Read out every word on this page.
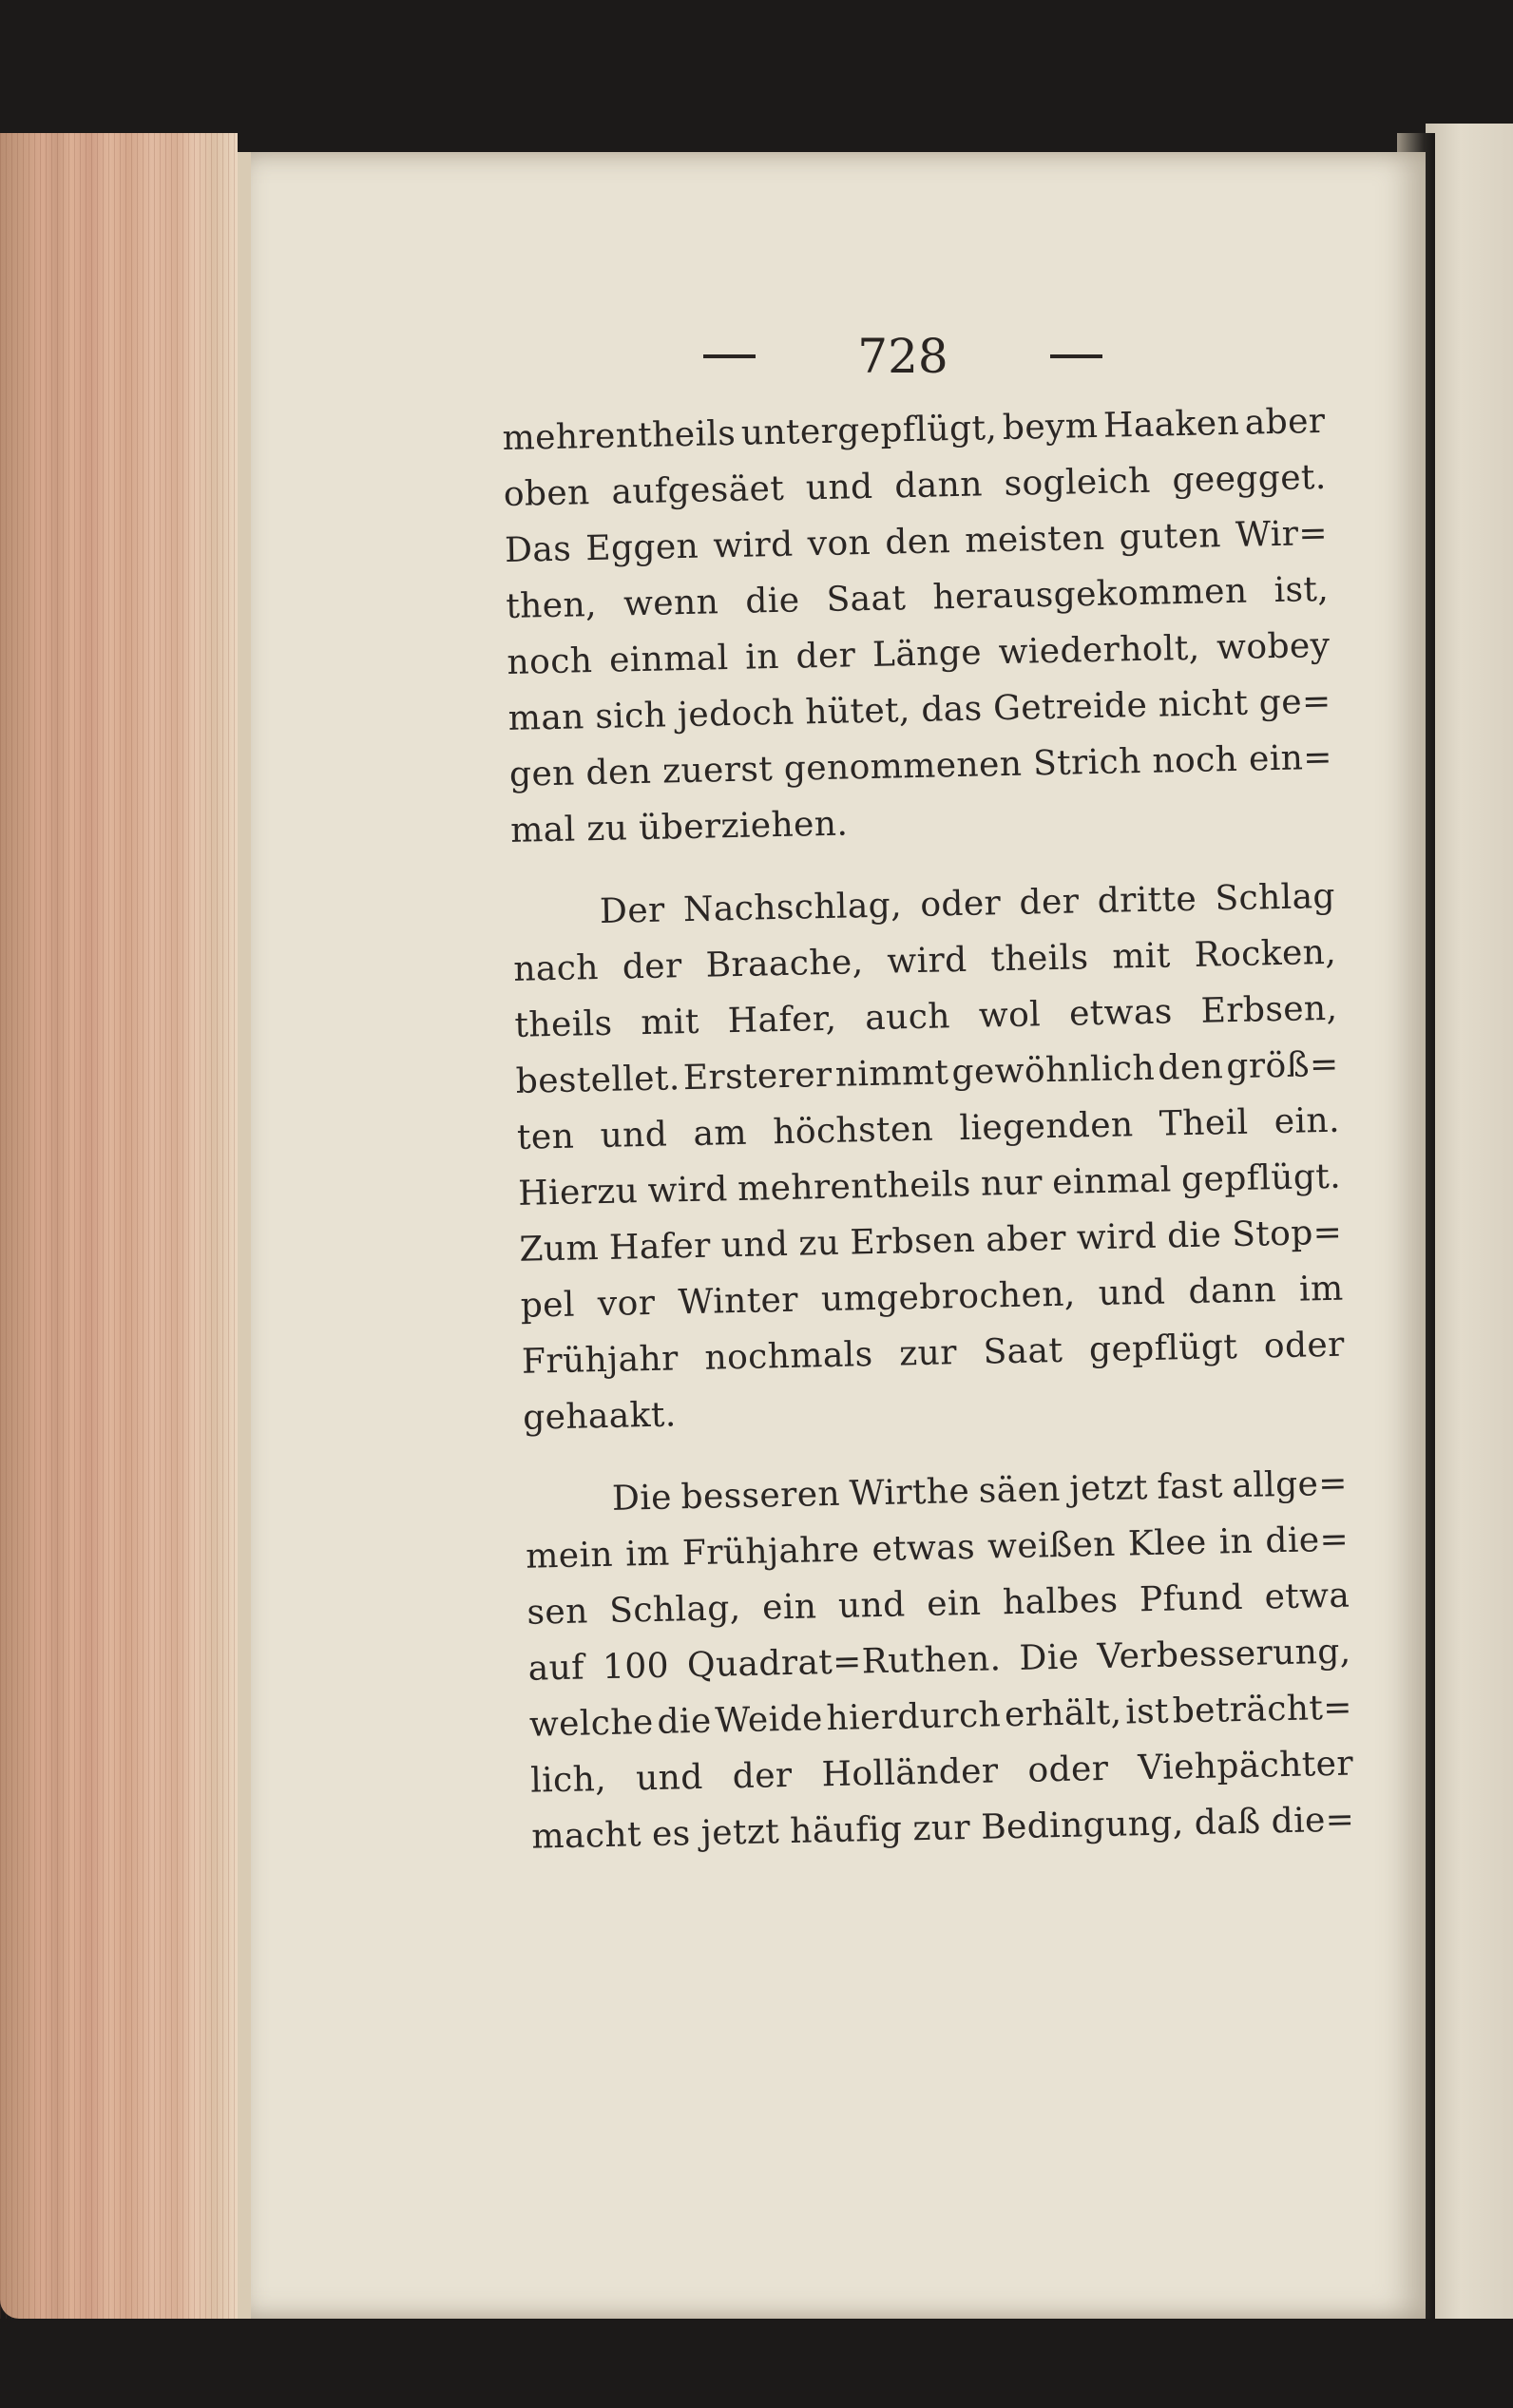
728
mehrentheils untergepflügt, beym Haaken aber
oben aufgesäet und dann sogleich geegget.
Das Eggen wird von den meisten guten Wir=
then, wenn die Saat herausgekommen ist,
noch einmal in der Länge wiederholt, wobey
man sich jedoch hütet, das Getreide nicht ge=
gen den zuerst genommenen Strich noch ein=
mal zu überziehen.
Der Nachschlag, oder der dritte Schlag
nach der Braache, wird theils mit Rocken,
theils mit Hafer, auch wol etwas Erbsen,
bestellet. Ersterer nimmt gewöhnlich den größ=
ten und am höchsten liegenden Theil ein.
Hierzu wird mehrentheils nur einmal gepflügt.
Zum Hafer und zu Erbsen aber wird die Stop=
pel vor Winter umgebrochen, und dann im
Frühjahr nochmals zur Saat gepflügt oder
gehaakt.
Die besseren Wirthe säen jetzt fast allge=
mein im Frühjahre etwas weißen Klee in die=
sen Schlag, ein und ein halbes Pfund etwa
auf 100 Quadrat=Ruthen. Die Verbesserung,
welche die Weide hierdurch erhält, ist beträcht=
lich, und der Holländer oder Viehpächter
macht es jetzt häufig zur Bedingung, daß die=
